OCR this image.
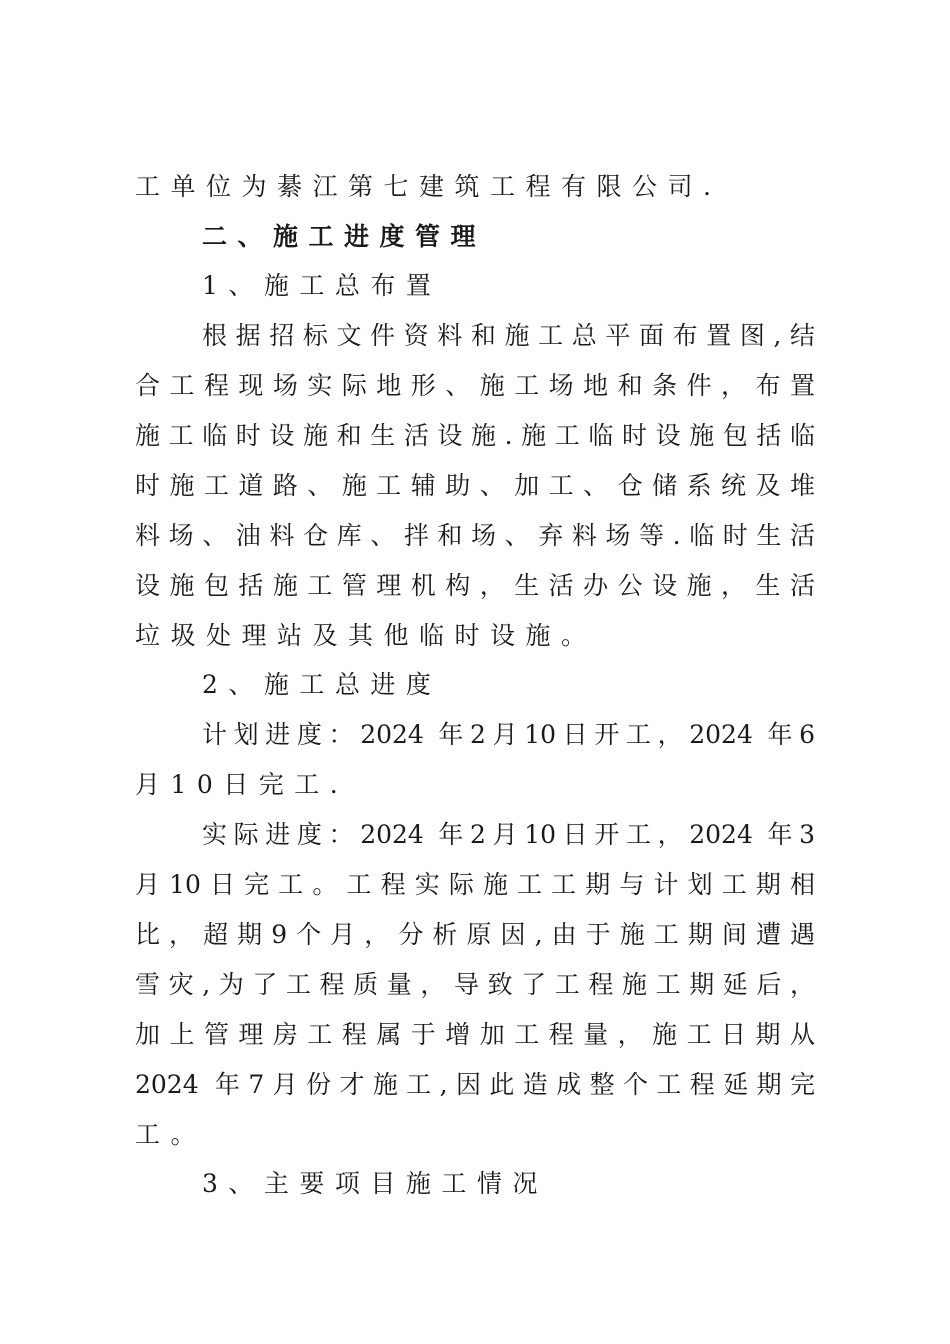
工单位为綦江第七建筑工程有限公司.
二、施工进度管理
1、施工总布置
根据招标文件资料和施工总平面布置图,结
合工程现场实际地形、施工场地和条件，布置
施工临时设施和生活设施.施工临时设施包括临
时施工道路、施工辅助、加工、仓储系统及堆
料场、油料仓库、拌和场、弃料场等.临时生活
设施包括施工管理机构，生活办公设施，生活
垃圾处理站及其他临时设施。
2、施工总进度
计划进度：2024 年2月10日开工，2024 年6
月10日完工.
实际进度：2024 年2月10日开工，2024 年3
月10日完工。工程实际施工工期与计划工期相
比，超期9个月，分析原因,由于施工期间遭遇
雪灾,为了工程质量，导致了工程施工期延后，
加上管理房工程属于增加工程量，施工日期从
2024 年7月份才施工,因此造成整个工程延期完
工。
3、主要项目施工情况
